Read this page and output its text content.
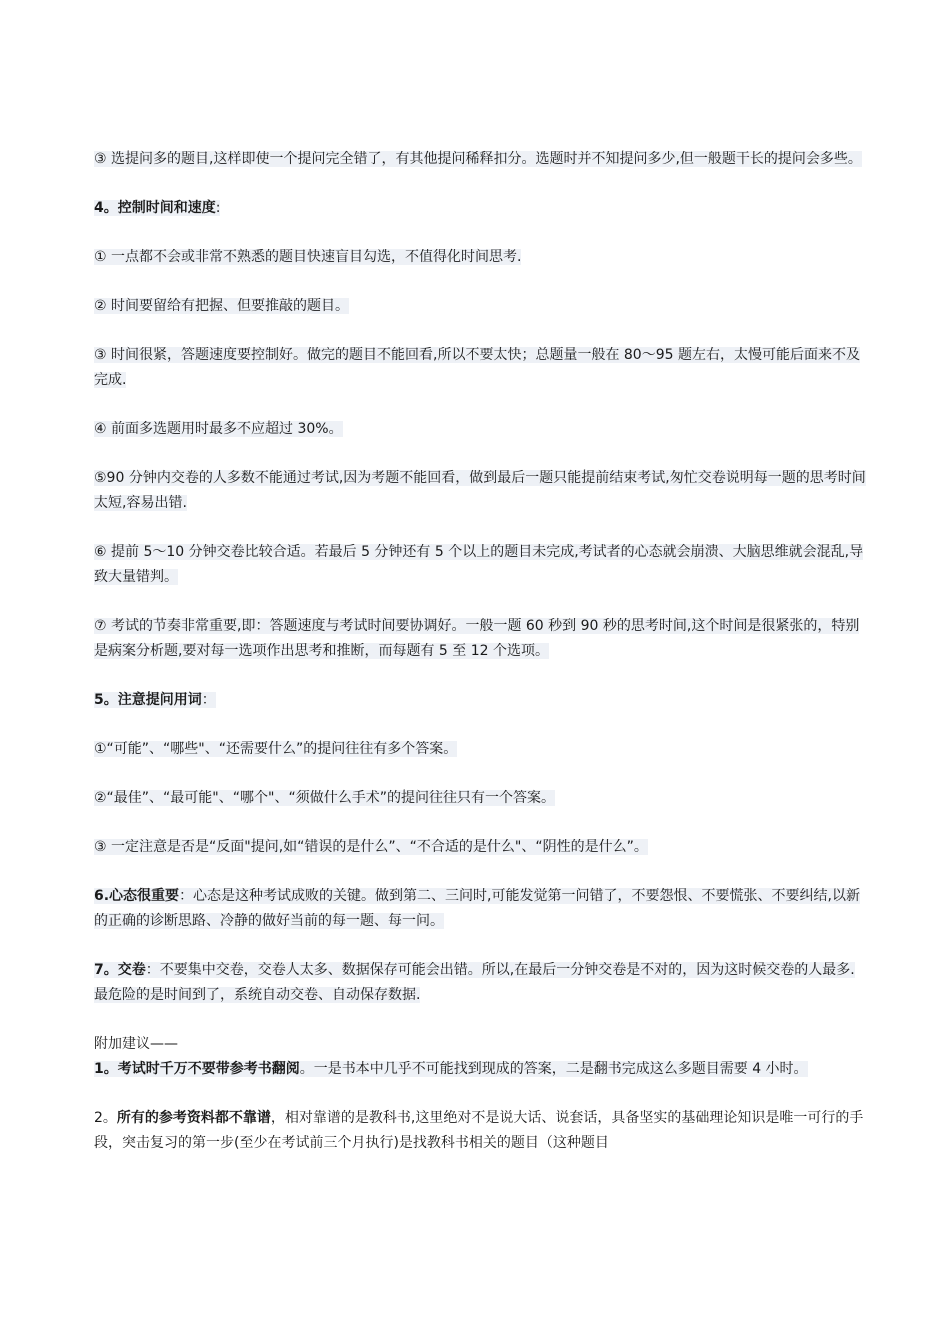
③ 选提问多的题目,这样即使一个提问完全错了，有其他提问稀释扣分。选题时并不知提问多少,但一般题干长的提问会多些。

4。控制时间和速度:

① 一点都不会或非常不熟悉的题目快速盲目勾选，不值得化时间思考.

② 时间要留给有把握、但要推敲的题目。

③ 时间很紧，答题速度要控制好。做完的题目不能回看,所以不要太快；总题量一般在 80～95 题左右，太慢可能后面来不及完成.

④ 前面多选题用时最多不应超过 30%。

⑤90 分钟内交卷的人多数不能通过考试,因为考题不能回看，做到最后一题只能提前结束考试,匆忙交卷说明每一题的思考时间太短,容易出错.

⑥ 提前 5～10 分钟交卷比较合适。若最后 5 分钟还有 5 个以上的题目未完成,考试者的心态就会崩溃、大脑思维就会混乱,导致大量错判。

⑦ 考试的节奏非常重要,即：答题速度与考试时间要协调好。一般一题 60 秒到 90 秒的思考时间,这个时间是很紧张的，特别是病案分析题,要对每一选项作出思考和推断，而每题有 5 至 12 个选项。

5。注意提问用词：

①“可能”、“哪些"、“还需要什么”的提问往往有多个答案。

②“最佳”、“最可能"、“哪个"、“须做什么手术”的提问往往只有一个答案。

③ 一定注意是否是“反面"提问,如“错误的是什么”、“不合适的是什么"、“阴性的是什么”。

6.心态很重要：心态是这种考试成败的关键。做到第二、三问时,可能发觉第一问错了，不要怨恨、不要慌张、不要纠结,以新的正确的诊断思路、冷静的做好当前的每一题、每一问。

7。交卷：不要集中交卷，交卷人太多、数据保存可能会出错。所以,在最后一分钟交卷是不对的，因为这时候交卷的人最多.最危险的是时间到了，系统自动交卷、自动保存数据.

附加建议——

1。考试时千万不要带参考书翻阅。一是书本中几乎不可能找到现成的答案，二是翻书完成这么多题目需要 4 小时。

2。所有的参考资料都不靠谱，相对靠谱的是教科书,这里绝对不是说大话、说套话，具备坚实的基础理论知识是唯一可行的手段，突击复习的第一步(至少在考试前三个月执行)是找教科书相关的题目（这种题目
